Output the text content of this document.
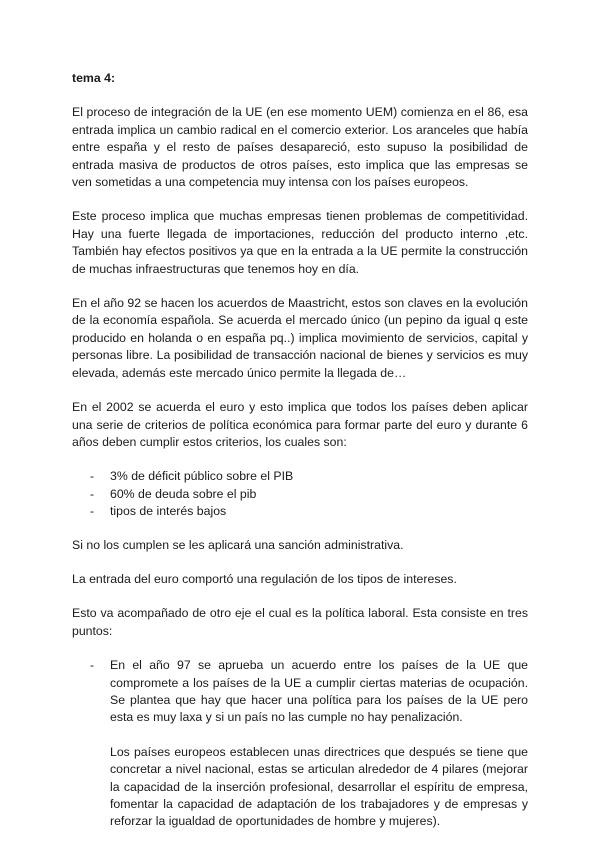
tema 4:

El proceso de integración de la UE (en ese momento UEM) comienza en el 86, esa entrada implica un cambio radical en el comercio exterior. Los aranceles que había entre españa y el resto de países desapareció, esto supuso la posibilidad de entrada masiva de productos de otros países, esto implica que las empresas se ven sometidas a una competencia muy intensa con los países europeos.

Este proceso implica que muchas empresas tienen problemas de competitividad. Hay una fuerte llegada de importaciones, reducción del producto interno ,etc. También hay efectos positivos ya que en la entrada a la UE permite la construcción de muchas infraestructuras que tenemos hoy en día.

En el año 92 se hacen los acuerdos de Maastricht, estos son claves en la evolución de la economía española. Se acuerda el mercado único (un pepino da igual q este producido en holanda o en españa pq..) implica movimiento de servicios, capital y personas libre. La posibilidad de transacción nacional de bienes y servicios es muy elevada, además este mercado único permite la llegada de…

En el 2002 se acuerda el euro y esto implica que todos los países deben aplicar una serie de criterios de política económica para formar parte del euro y durante 6 años deben cumplir estos criterios, los cuales son:

- 3% de déficit público sobre el PIB
- 60% de deuda sobre el pib
- tipos de interés bajos

Si no los cumplen se les aplicará una sanción administrativa.

La entrada del euro comportó una regulación de los tipos de intereses.

Esto va acompañado de otro eje el cual es la política laboral. Esta consiste en tres puntos:

- En el año 97 se aprueba un acuerdo entre los países de la UE que compromete a los países de la UE a cumplir ciertas materias de ocupación. Se plantea que hay que hacer una política para los países de la UE pero esta es muy laxa y si un país no las cumple no hay penalización.

Los países europeos establecen unas directrices que después se tiene que concretar a nivel nacional, estas se articulan alrededor de 4 pilares (mejorar la capacidad de la inserción profesional, desarrollar el espíritu de empresa, fomentar la capacidad de adaptación de los trabajadores y de empresas y reforzar la igualdad de oportunidades de hombre y mujeres).
